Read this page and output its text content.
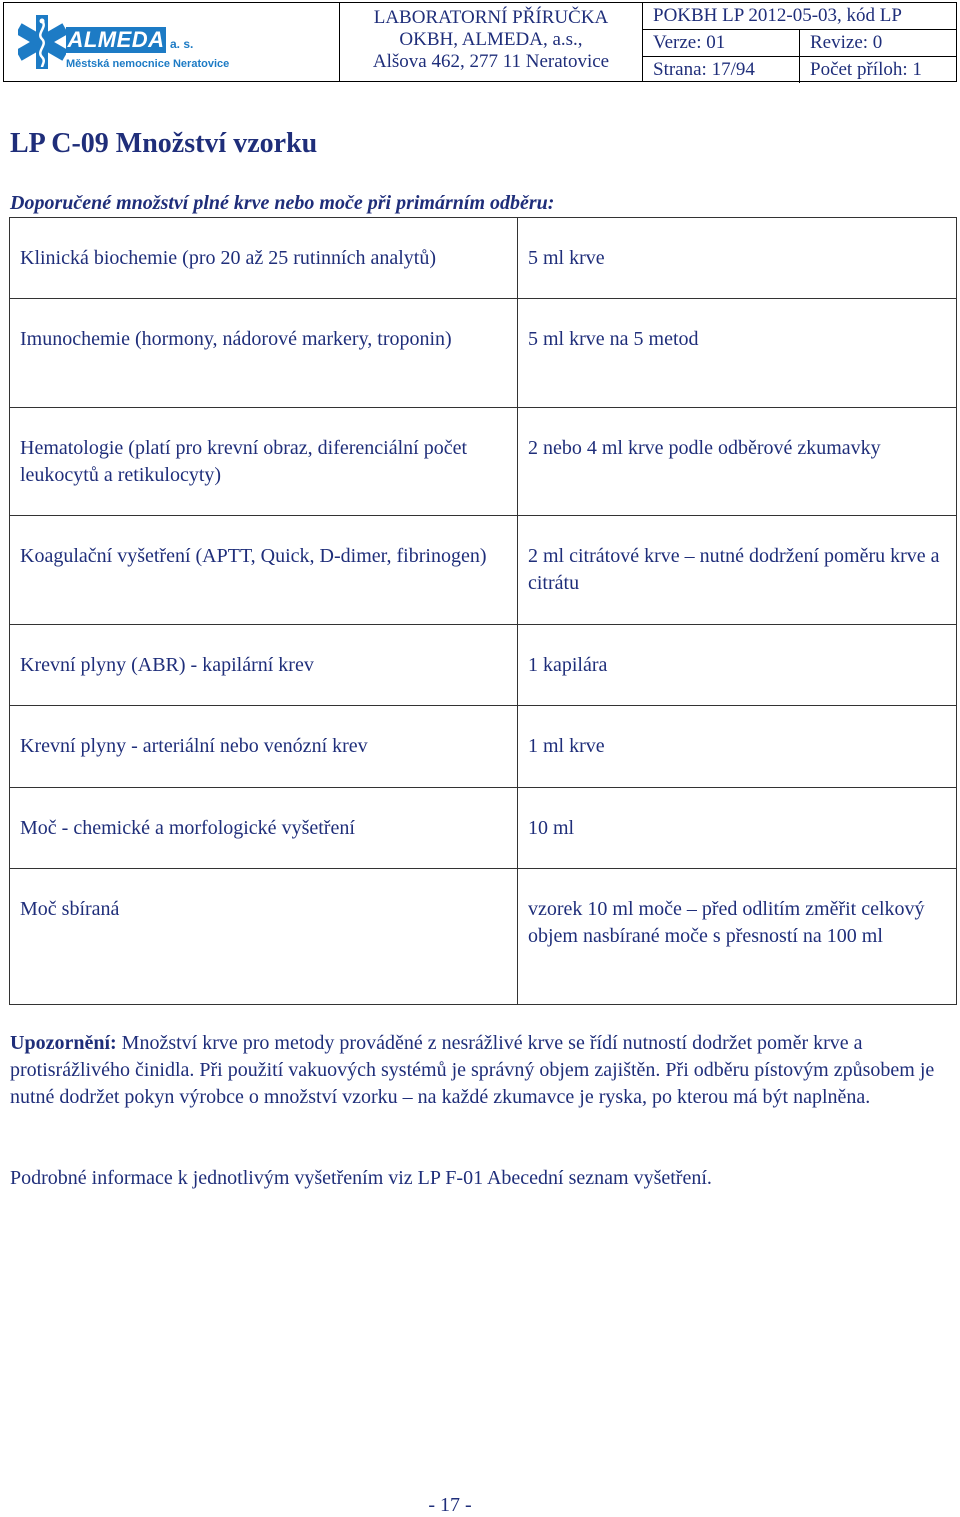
ALMEDA a. s.
Městská nemocnice Neratovice
LABORATORNÍ PŘÍRUČKA
OKBH, ALMEDA, a.s.,
Alšova 462, 277 11 Neratovice
POKBH LP 2012-05-03, kód LP
Verze: 01	Revize: 0
Strana: 17/94	Počet příloh: 1
LP C-09 Množství vzorku
Doporučené množství plné krve nebo moče při primárním odběru:
Klinická biochemie (pro 20 až 25 rutinních analytů)	5 ml krve
Imunochemie (hormony, nádorové markery, troponin)	5 ml krve na 5 metod
Hematologie (platí pro krevní obraz, diferenciální počet leukocytů a retikulocyty)	2 nebo 4 ml krve podle odběrové zkumavky
Koagulační vyšetření (APTT, Quick, D-dimer, fibrinogen)	2 ml citrátové krve – nutné dodržení poměru krve a citrátu
Krevní plyny (ABR) - kapilární krev	1 kapilára
Krevní plyny - arteriální nebo venózní krev	1 ml krve
Moč - chemické a morfologické vyšetření	10 ml
Moč sbíraná	vzorek 10 ml moče – před odlitím změřit celkový objem nasbírané moče s přesností na 100 ml
Upozornění: Množství krve pro metody prováděné z nesrážlivé krve se řídí nutností dodržet poměr krve a protisrážlivého činidla. Při použití vakuových systémů je správný objem zajištěn. Při odběru pístovým způsobem je nutné dodržet pokyn výrobce o množství vzorku – na každé zkumavce je ryska, po kterou má být naplněna.
Podrobné informace k jednotlivým vyšetřením viz LP F-01 Abecední seznam vyšetření.
- 17 -
